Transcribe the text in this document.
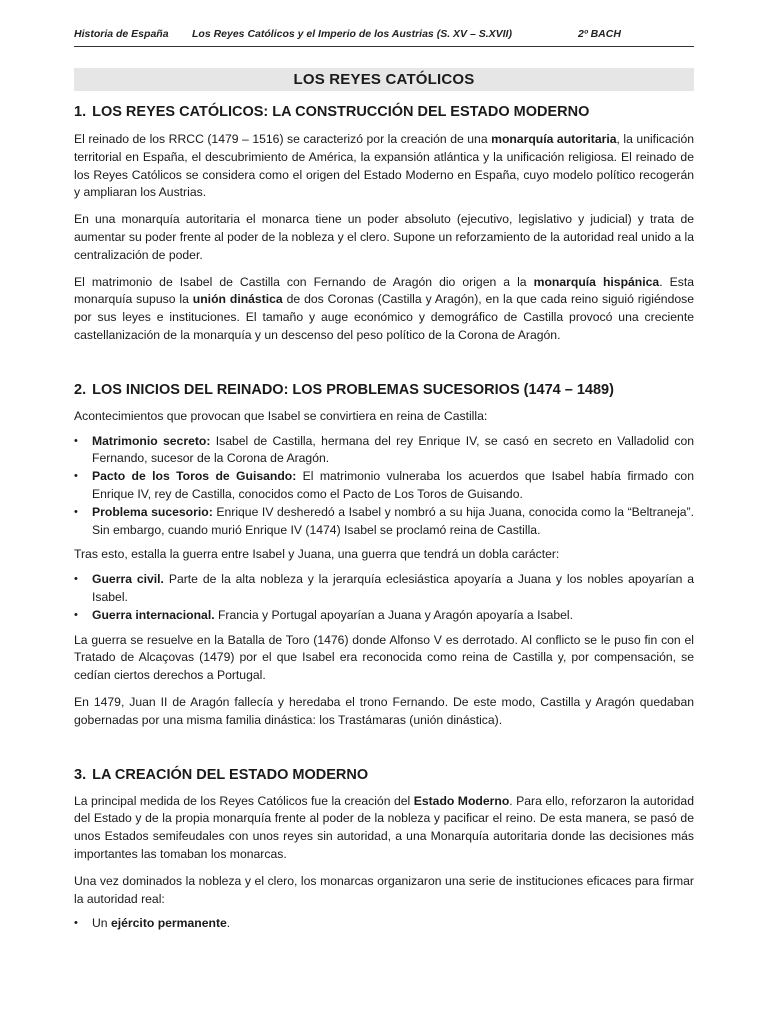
Historia de España Los Reyes Católicos y el Imperio de los Austrias (S. XV – S.XVII)	2º BACH
LOS REYES CATÓLICOS
1. LOS REYES CATÓLICOS: LA CONSTRUCCIÓN DEL ESTADO MODERNO

El reinado de los RRCC (1479 – 1516) se caracterizó por la creación de una monarquía autoritaria, la unificación territorial en España, el descubrimiento de América, la expansión atlántica y la unificación religiosa. El reinado de los Reyes Católicos se considera como el origen del Estado Moderno en España, cuyo modelo político recogerán y ampliaran los Austrias.

En una monarquía autoritaria el monarca tiene un poder absoluto (ejecutivo, legislativo y judicial) y trata de aumentar su poder frente al poder de la nobleza y el clero. Supone un reforzamiento de la autoridad real unido a la centralización de poder.

El matrimonio de Isabel de Castilla con Fernando de Aragón dio origen a la monarquía hispánica. Esta monarquía supuso la unión dinástica de dos Coronas (Castilla y Aragón), en la que cada reino siguió rigiéndose por sus leyes e instituciones. El tamaño y auge económico y demográfico de Castilla provocó una creciente castellanización de la monarquía y un descenso del peso político de la Corona de Aragón.

2. LOS INICIOS DEL REINADO: LOS PROBLEMAS SUCESORIOS (1474 – 1489)

Acontecimientos que provocan que Isabel se convirtiera en reina de Castilla:

• Matrimonio secreto: Isabel de Castilla, hermana del rey Enrique IV, se casó en secreto en Valladolid con Fernando, sucesor de la Corona de Aragón.
• Pacto de los Toros de Guisando: El matrimonio vulneraba los acuerdos que Isabel había firmado con Enrique IV, rey de Castilla, conocidos como el Pacto de Los Toros de Guisando.
• Problema sucesorio: Enrique IV desheredó a Isabel y nombró a su hija Juana, conocida como la “Beltraneja”. Sin embargo, cuando murió Enrique IV (1474) Isabel se proclamó reina de Castilla.

Tras esto, estalla la guerra entre Isabel y Juana, una guerra que tendrá un dobla carácter:

• Guerra civil. Parte de la alta nobleza y la jerarquía eclesiástica apoyaría a Juana y los nobles apoyarían a Isabel.
• Guerra internacional. Francia y Portugal apoyarían a Juana y Aragón apoyaría a Isabel.

La guerra se resuelve en la Batalla de Toro (1476) donde Alfonso V es derrotado. Al conflicto se le puso fin con el Tratado de Alcaçovas (1479) por el que Isabel era reconocida como reina de Castilla y, por compensación, se cedían ciertos derechos a Portugal.

En 1479, Juan II de Aragón fallecía y heredaba el trono Fernando. De este modo, Castilla y Aragón quedaban gobernadas por una misma familia dinástica: los Trastámaras (unión dinástica).

3. LA CREACIÓN DEL ESTADO MODERNO

La principal medida de los Reyes Católicos fue la creación del Estado Moderno. Para ello, reforzaron la autoridad del Estado y de la propia monarquía frente al poder de la nobleza y pacificar el reino. De esta manera, se pasó de unos Estados semifeudales con unos reyes sin autoridad, a una Monarquía autoritaria donde las decisiones más importantes las tomaban los monarcas.

Una vez dominados la nobleza y el clero, los monarcas organizaron una serie de instituciones eficaces para firmar la autoridad real:

• Un ejército permanente.
